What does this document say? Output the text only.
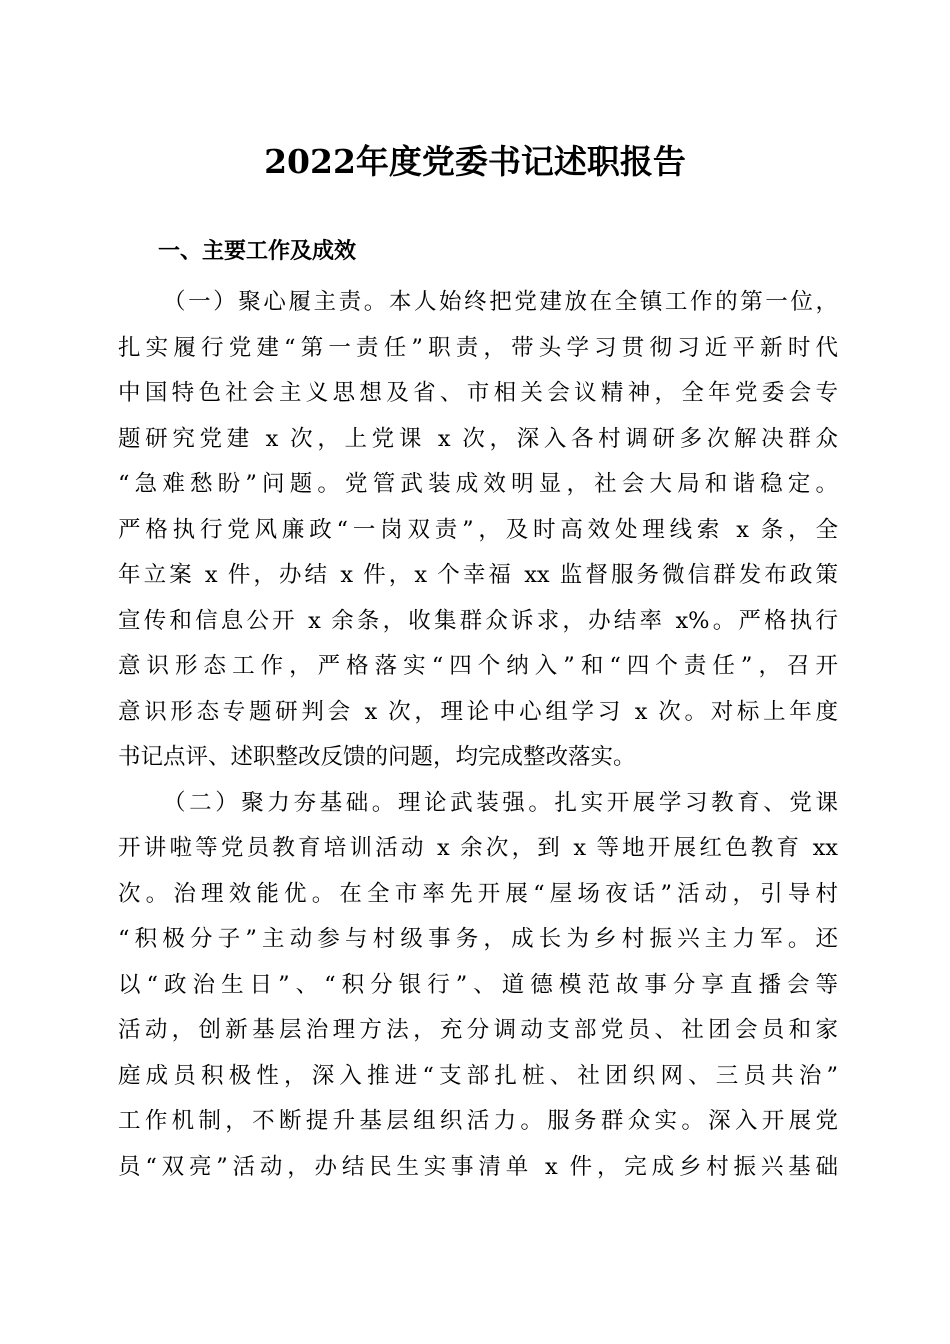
2022年度党委书记述职报告
一、主要工作及成效
（一）聚心履主责。本人始终把党建放在全镇工作的第一位，
扎实履行党建“第一责任”职责，带头学习贯彻习近平新时代
中国特色社会主义思想及省、市相关会议精神，全年党委会专
题研究党建 x 次，上党课 x 次，深入各村调研多次解决群众
“急难愁盼”问题。党管武装成效明显，社会大局和谐稳定。
严格执行党风廉政“一岗双责”，及时高效处理线索 x 条，全
年立案 x 件，办结 x 件，x 个幸福 xx 监督服务微信群发布政策
宣传和信息公开 x 余条，收集群众诉求，办结率 x%。严格执行
意识形态工作，严格落实“四个纳入”和“四个责任”，召开
意识形态专题研判会 x 次，理论中心组学习 x 次。对标上年度
书记点评、述职整改反馈的问题，均完成整改落实。
（二）聚力夯基础。理论武装强。扎实开展学习教育、党课
开讲啦等党员教育培训活动 x 余次，到 x 等地开展红色教育 xx
次。治理效能优。在全市率先开展“屋场夜话”活动，引导村
“积极分子”主动参与村级事务，成长为乡村振兴主力军。还
以“政治生日”、“积分银行”、道德模范故事分享直播会等
活动，创新基层治理方法，充分调动支部党员、社团会员和家
庭成员积极性，深入推进“支部扎桩、社团织网、三员共治”
工作机制，不断提升基层组织活力。服务群众实。深入开展党
员“双亮”活动，办结民生实事清单 x 件，完成乡村振兴基础
